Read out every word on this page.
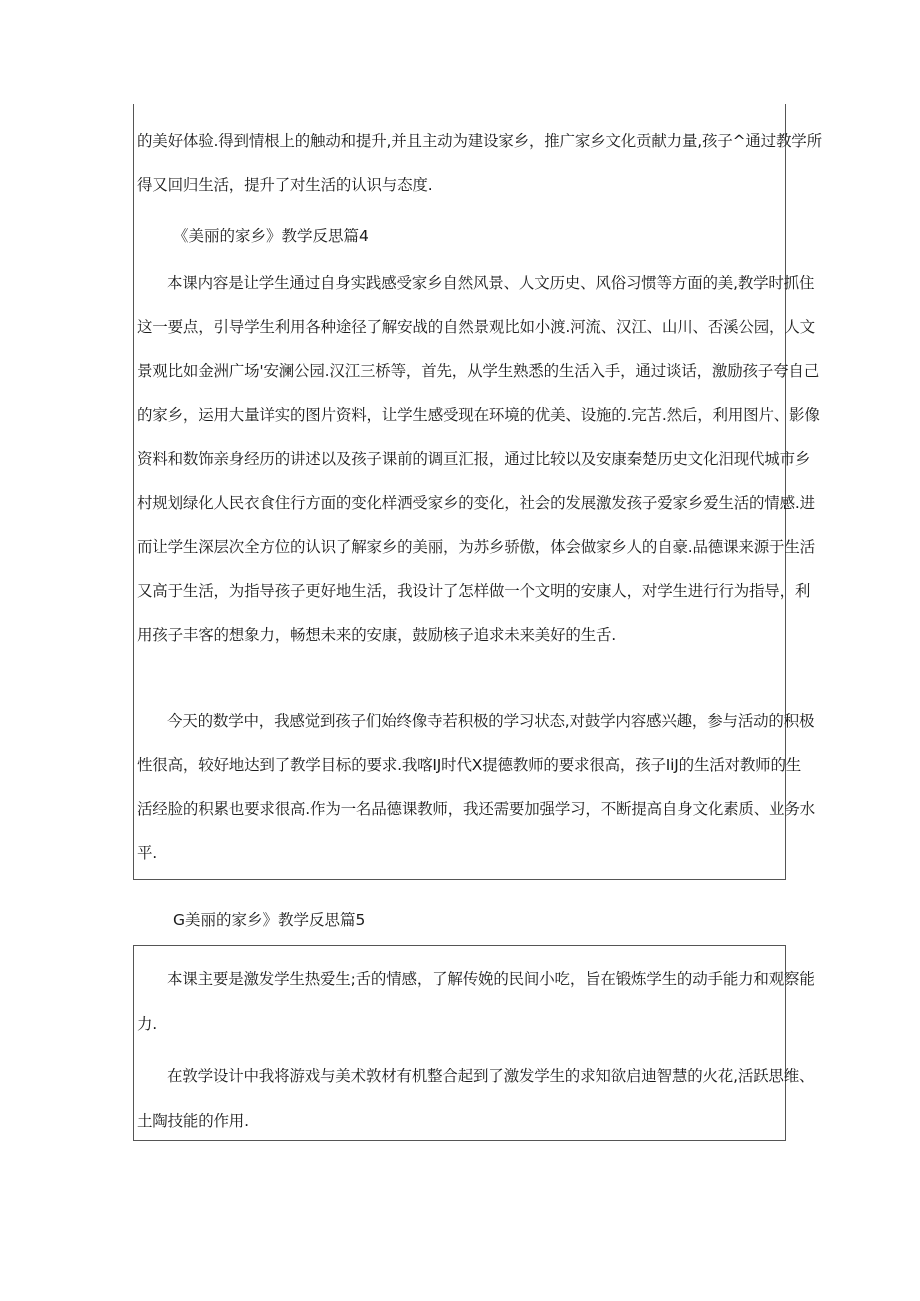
的美好体验.得到情根上的触动和提升,并且主动为建设家乡，推广家乡文化贡献力量,孩子^通过教学所
得又回归生活，提升了对生活的认识与态度.
《美丽的家乡》教学反思篇4
本课内容是让学生通过自身实践感受家乡自然风景、人文历史、风俗习惯等方面的美,教学时抓住
这一要点，引导学生利用各种途径了解安战的自然景观比如小渡.河流、汉江、山川、否溪公园，人文
景观比如金洲广场'安澜公园.汉江三桥等，首先，从学生熟悉的生活入手，通过谈话，激励孩子夸自己
的家乡，运用大量详实的图片资料，让学生感受现在环境的优美、设施的.完苫.然后，利用图片、影像
资料和数饰亲身经历的讲述以及孩子课前的调亘汇报，通过比较以及安康秦楚历史文化汨现代城市乡
村规划绿化人民衣食住行方面的变化样洒受家乡的变化，社会的发展激发孩子爱家乡爱生活的情感.进
而让学生深层次全方位的认识了解家乡的美丽，为苏乡骄傲，体会做家乡人的自豪.品德课来源于生活
又高于生活，为指导孩子更好地生活，我设计了怎样做一个文明的安康人，对学生进行行为指导，利
用孩子丰客的想象力，畅想未来的安康，鼓励核子追求未来美好的生舌.
今天的数学中，我感觉到孩子们始终像寺若积极的学习状态,对鼓学内容感兴趣，参与活动的积极
性很高，较好地达到了教学目标的要求.我喀IJ时代X提德教师的要求很高，孩子IiJ的生活对教师的生
活经脸的积累也要求很高.作为一名品德课教师，我还需要加强学习，不断提高自身文化素质、业务水
平.
G美丽的家乡》教学反思篇5
本课主要是激发学生热爱生;舌的情感，了解传娩的民间小吃，旨在锻炼学生的动手能力和观察能
力.
在敦学设计中我将游戏与美术敦材有机整合起到了激发学生的求知欲启迪智慧的火花,活跃思维、
土陶技能的作用.
